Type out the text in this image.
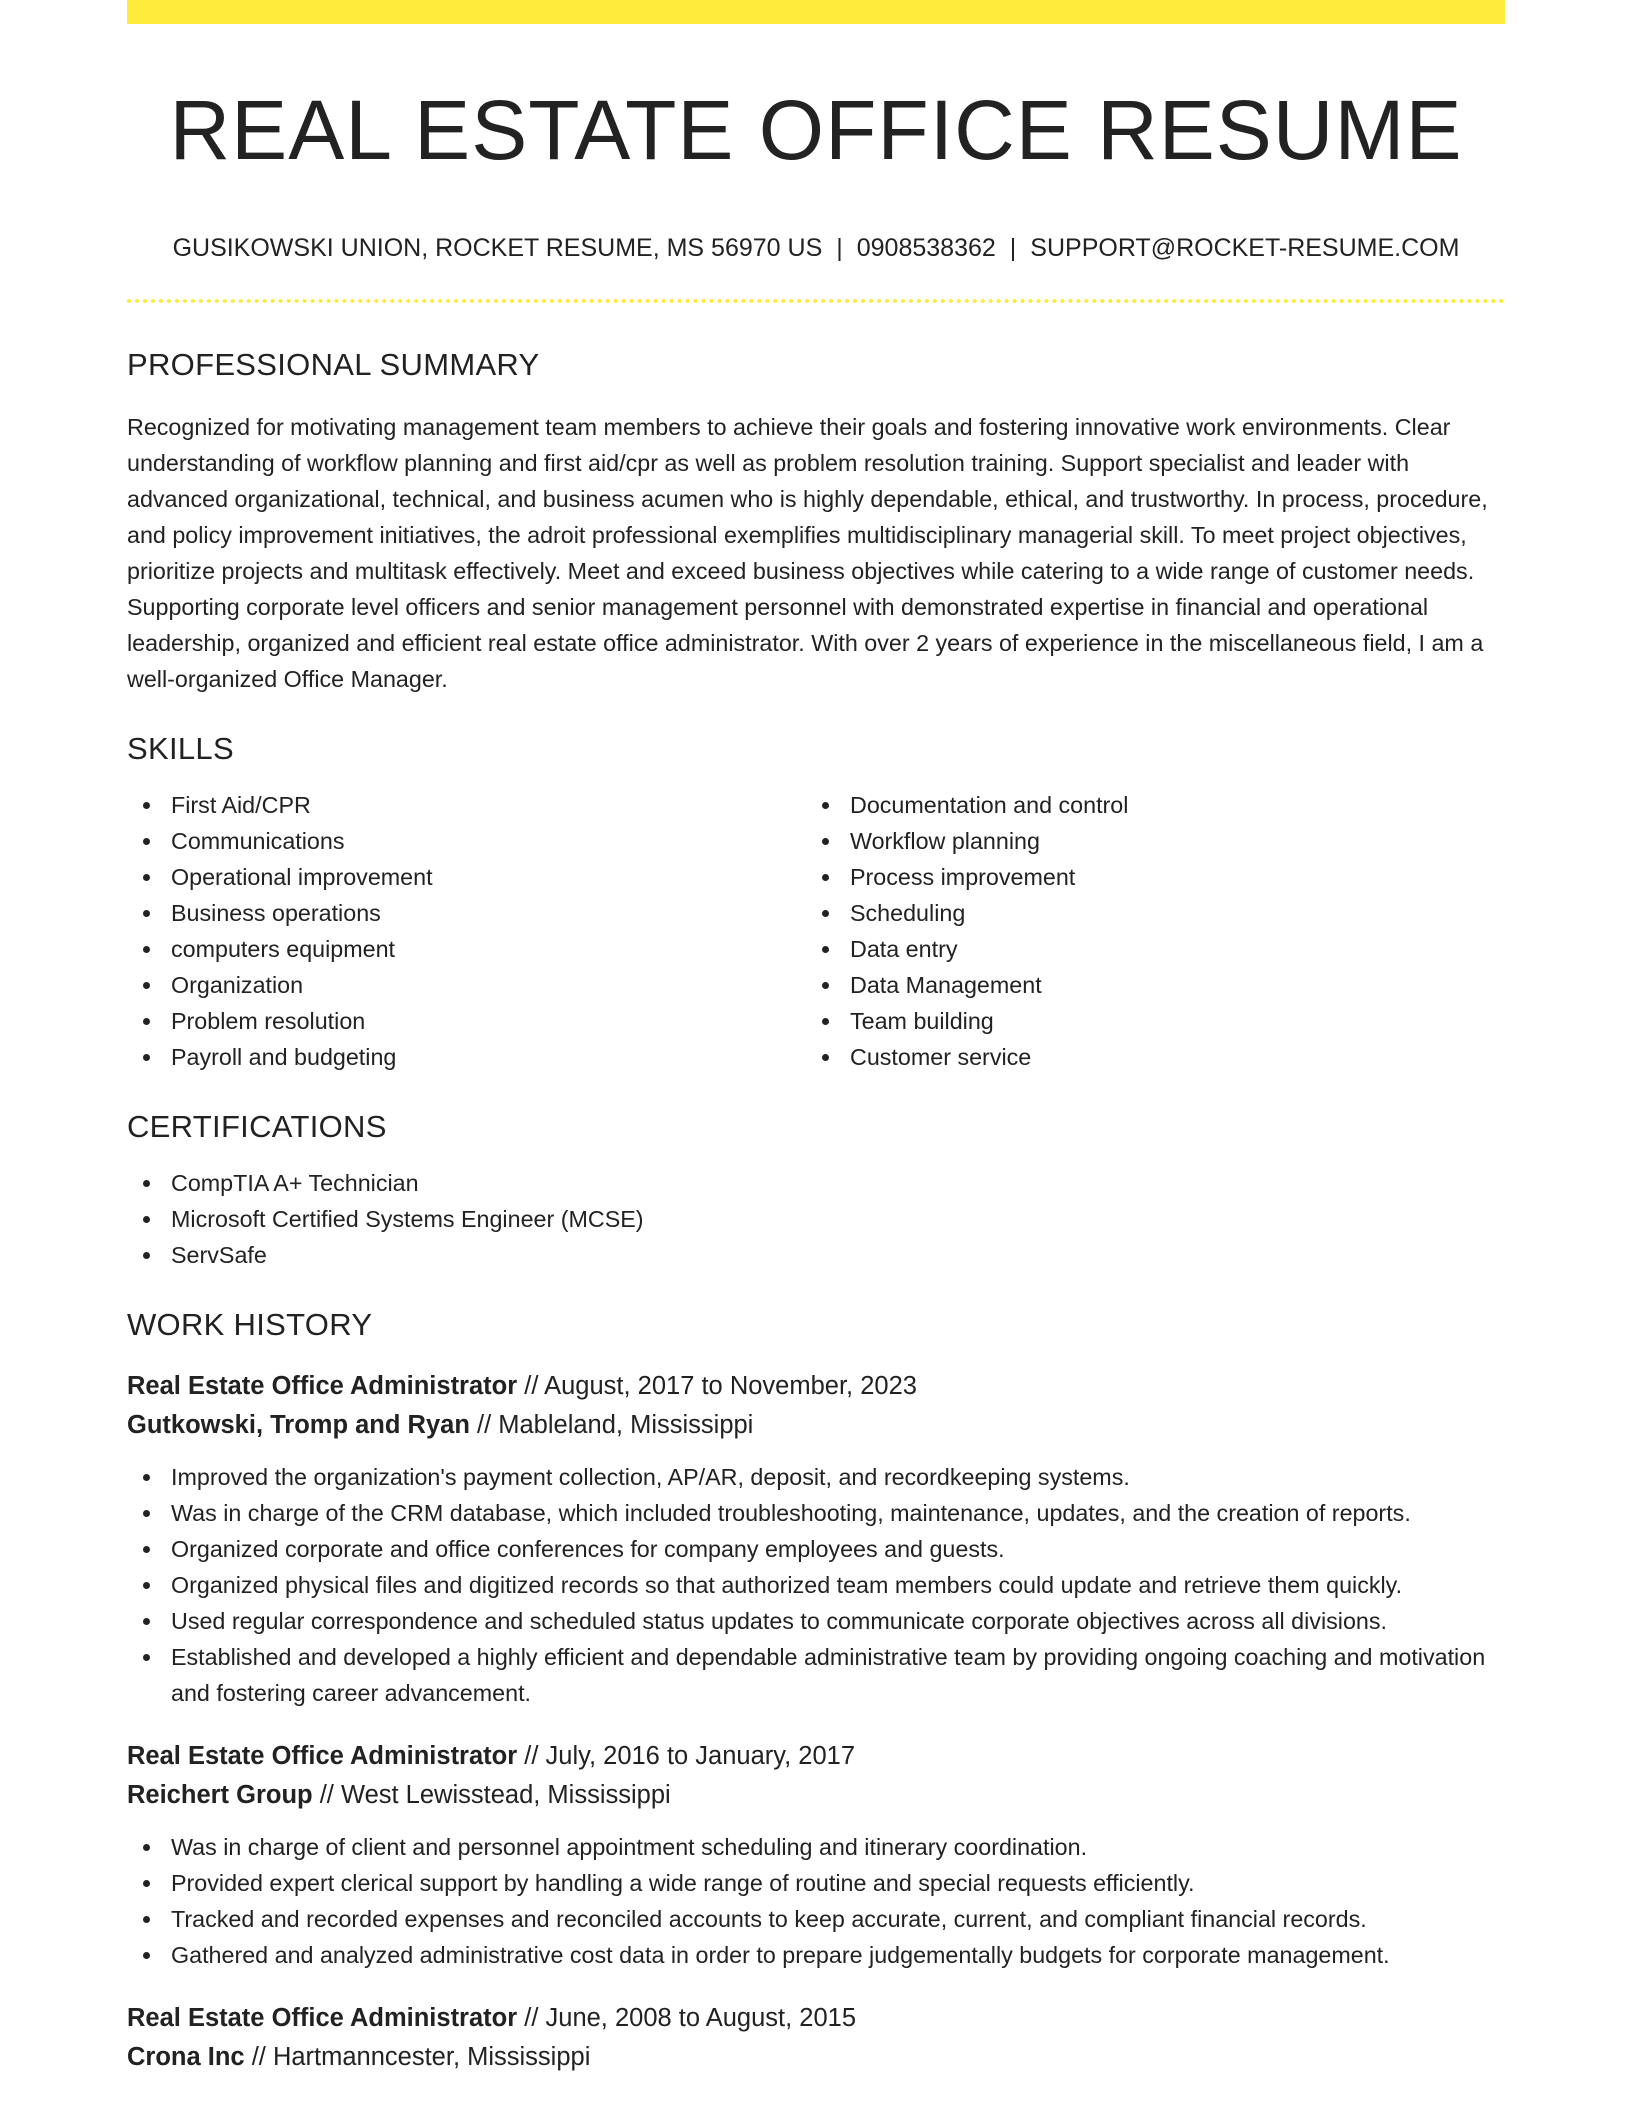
REAL ESTATE OFFICE RESUME
GUSIKOWSKI UNION, ROCKET RESUME, MS 56970 US | 0908538362 | SUPPORT@ROCKET-RESUME.COM
PROFESSIONAL SUMMARY

Recognized for motivating management team members to achieve their goals and fostering innovative work environments. Clear understanding of workflow planning and first aid/cpr as well as problem resolution training. Support specialist and leader with advanced organizational, technical, and business acumen who is highly dependable, ethical, and trustworthy. In process, procedure, and policy improvement initiatives, the adroit professional exemplifies multidisciplinary managerial skill. To meet project objectives, prioritize projects and multitask effectively. Meet and exceed business objectives while catering to a wide range of customer needs. Supporting corporate level officers and senior management personnel with demonstrated expertise in financial and operational leadership, organized and efficient real estate office administrator. With over 2 years of experience in the miscellaneous field, I am a well-organized Office Manager.

SKILLS
First Aid/CPR
Communications
Operational improvement
Business operations
computers equipment
Organization
Problem resolution
Payroll and budgeting
Documentation and control
Workflow planning
Process improvement
Scheduling
Data entry
Data Management
Team building
Customer service
CERTIFICATIONS
CompTIA A+ Technician
Microsoft Certified Systems Engineer (MCSE)
ServSafe
WORK HISTORY
Real Estate Office Administrator // August, 2017 to November, 2023
Gutkowski, Tromp and Ryan // Mableland, Mississippi
Improved the organization's payment collection, AP/AR, deposit, and recordkeeping systems.
Was in charge of the CRM database, which included troubleshooting, maintenance, updates, and the creation of reports.
Organized corporate and office conferences for company employees and guests.
Organized physical files and digitized records so that authorized team members could update and retrieve them quickly.
Used regular correspondence and scheduled status updates to communicate corporate objectives across all divisions.
Established and developed a highly efficient and dependable administrative team by providing ongoing coaching and motivation and fostering career advancement.
Real Estate Office Administrator // July, 2016 to January, 2017
Reichert Group // West Lewisstead, Mississippi
Was in charge of client and personnel appointment scheduling and itinerary coordination.
Provided expert clerical support by handling a wide range of routine and special requests efficiently.
Tracked and recorded expenses and reconciled accounts to keep accurate, current, and compliant financial records.
Gathered and analyzed administrative cost data in order to prepare judgementally budgets for corporate management.
Real Estate Office Administrator // June, 2008 to August, 2015
Crona Inc // Hartmanncester, Mississippi
